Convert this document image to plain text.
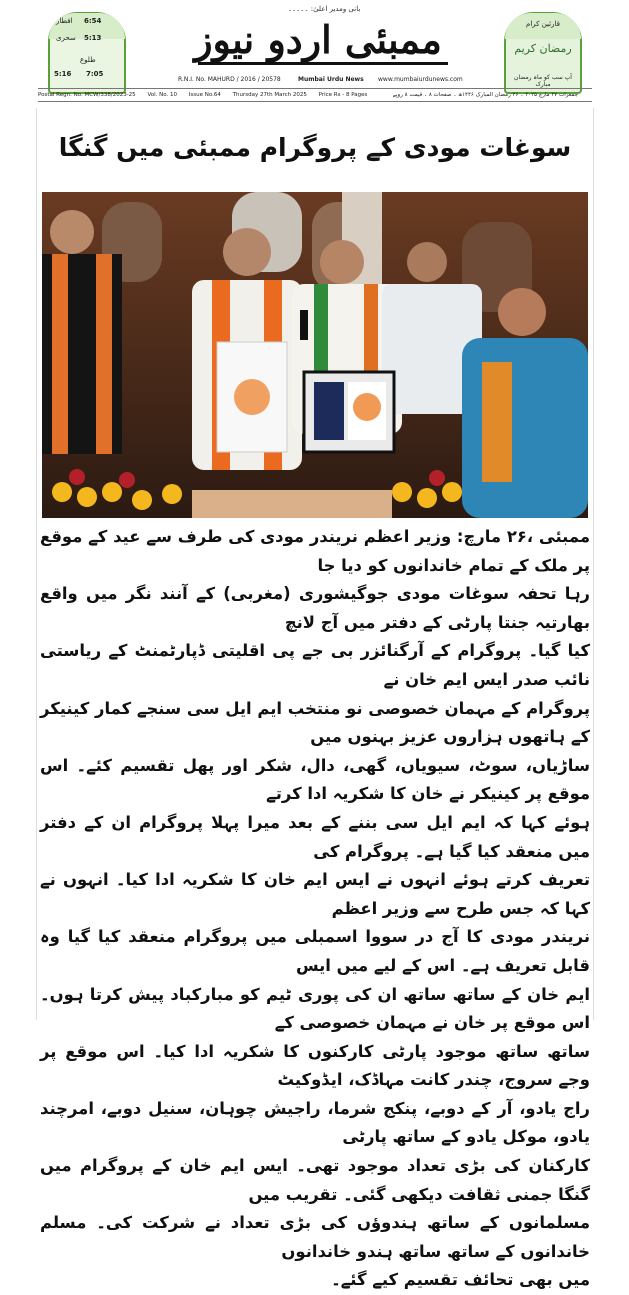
6:54
افطار
5:13
سحری
5:16 7:05
طلوع
بانی ومدیر اعلیٰ: ۔۔۔۔۔
ممبئی اردو نیوز
R.N.I. No. MAHURD / 2016 / 20578	Mumbai Urdu News www.mumbaiurdunews.com
قارئین کرام
رمضان کریم
آپ سب کو ماہ رمضان مبارک
Postal Regn. No. MCW/338/2023-25 Vol. No. 10 Issue No.64 Thursday 27th March 2025 Price Rs - 8 Pages	جمعرات ۲۷ مارچ ۲۰۲۵ ۔ ۲۶ رمضان المبارک ۱۴۴۶ھ ۔ صفحات ۸ ۔ قیمت ۸ روپے
سوغات مودی کے پروگرام ممبئی میں گنگا

ممبئی ،۲۶ مارچ: وزیر اعظم نریندر مودی کی طرف سے عید کے موقع پر ملک کے تمام خاندانوں کو دیا جا

رہا تحفہ سوغات مودی جوگیشوری (مغربی) کے آنند نگر میں واقع بھارتیہ جنتا پارٹی کے دفتر میں آج لانچ

کیا گیا۔ پروگرام کے آرگنائزر بی جے پی اقلیتی ڈپارٹمنٹ کے ریاستی نائب صدر ایس ایم خان نے

پروگرام کے مہمان خصوصی نو منتخب ایم ایل سی سنجے کمار کینیکر کے ہاتھوں ہزاروں عزیز بہنوں میں

ساڑیاں، سوٹ، سیویاں، گھی، دال، شکر اور پھل تقسیم کئے۔ اس موقع پر کینیکر نے خان کا شکریہ ادا کرتے

ہوئے کہا کہ ایم ایل سی بننے کے بعد میرا پہلا پروگرام ان کے دفتر میں منعقد کیا گیا ہے۔ پروگرام کی

تعریف کرتے ہوئے انہوں نے ایس ایم خان کا شکریہ ادا کیا۔ انہوں نے کہا کہ جس طرح سے وزیر اعظم

نریندر مودی کا آج در سووا اسمبلی میں پروگرام منعقد کیا گیا وہ قابل تعریف ہے۔ اس کے لیے میں ایس

ایم خان کے ساتھ ساتھ ان کی پوری ٹیم کو مبارکباد پیش کرتا ہوں۔ اس موقع پر خان نے مہمان خصوصی کے

ساتھ ساتھ موجود پارٹی کارکنوں کا شکریہ ادا کیا۔ اس موقع پر وجے سروج، چندر کانت مہاڈک، ایڈوکیٹ

راج یادو، آر کے دوبے، پنکج شرما، راجیش چوہان، سنیل دوبے، امرچند یادو، موکل یادو کے ساتھ پارٹی

کارکنان کی بڑی تعداد موجود تھی۔ ایس ایم خان کے پروگرام میں گنگا جمنی ثقافت دیکھی گئی۔ تقریب میں

مسلمانوں کے ساتھ ہندوؤں کی بڑی تعداد نے شرکت کی۔ مسلم خاندانوں کے ساتھ ساتھ ہندو خاندانوں

میں بھی تحائف تقسیم کیے گئے۔
